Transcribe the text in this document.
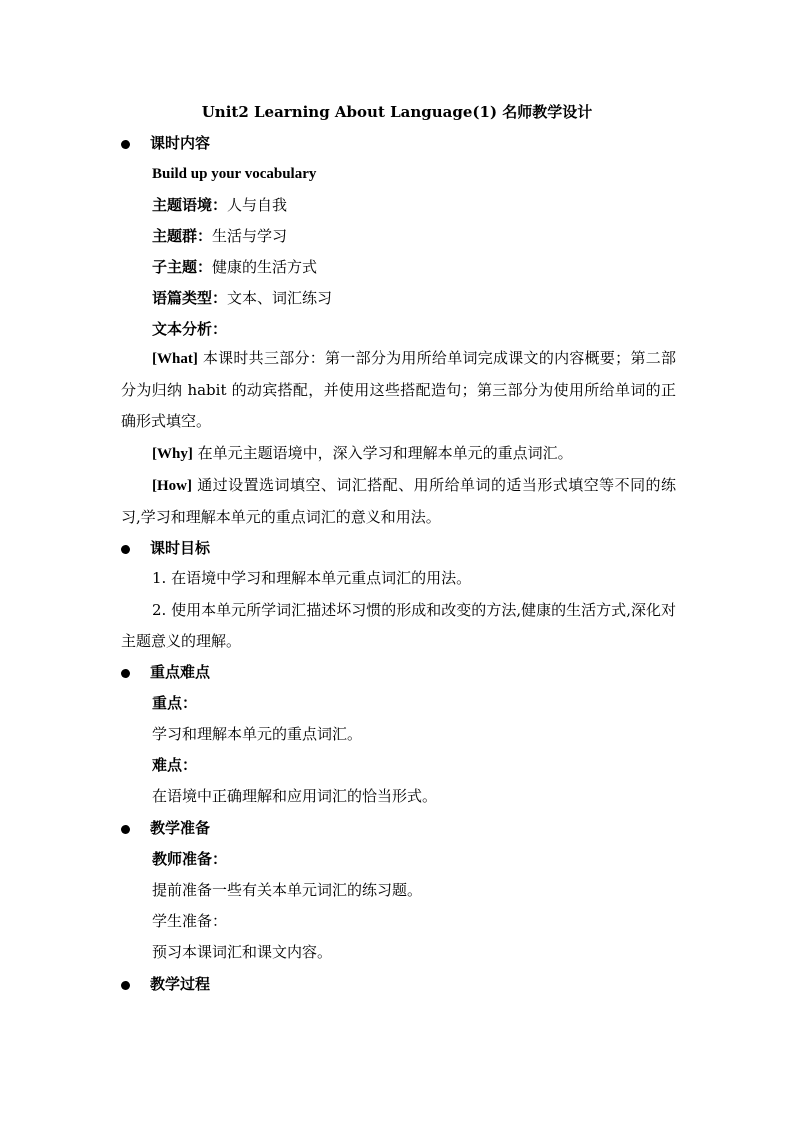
Unit2 Learning About Language(1) 名师教学设计
课时内容
Build up your vocabulary
主题语境：人与自我
主题群：生活与学习
子主题：健康的生活方式
语篇类型：文本、词汇练习
文本分析：
[What] 本课时共三部分：第一部分为用所给单词完成课文的内容概要；第二部分为归纳 habit 的动宾搭配，并使用这些搭配造句；第三部分为使用所给单词的正确形式填空。
[Why] 在单元主题语境中，深入学习和理解本单元的重点词汇。
[How] 通过设置选词填空、词汇搭配、用所给单词的适当形式填空等不同的练习,学习和理解本单元的重点词汇的意义和用法。
课时目标
1. 在语境中学习和理解本单元重点词汇的用法。
2. 使用本单元所学词汇描述坏习惯的形成和改变的方法,健康的生活方式,深化对主题意义的理解。
重点难点
重点：
学习和理解本单元的重点词汇。
难点：
在语境中正确理解和应用词汇的恰当形式。
教学准备
教师准备：
提前准备一些有关本单元词汇的练习题。
学生准备：
预习本课词汇和课文内容。
教学过程
